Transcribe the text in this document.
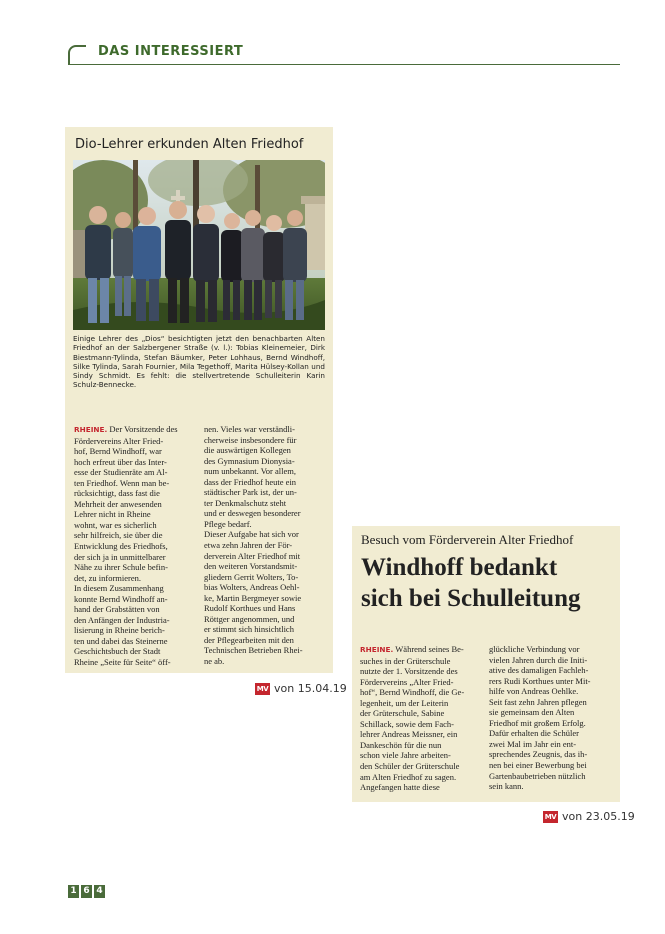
DAS INTERESSIERT
Dio-Lehrer erkunden Alten Friedhof
Einige Lehrer des „Dios“ besichtigten jetzt den benachbarten Alten Friedhof an der Salzbergener Straße (v. l.): Tobias Kleinemeier, Dirk Biestmann-Tylinda, Stefan Bäumker, Peter Lohhaus, Bernd Windhoff, Silke Tylinda, Sarah Fournier, Mila Tegethoff, Marita Hülsey-Kollan und Sindy Schmidt. Es fehlt: die stellvertretende Schulleiterin Karin Schulz-Bennecke.
RHEINE. Der Vorsitzende des
Fördervereins Alter Fried-
hof, Bernd Windhoff, war
hoch erfreut über das Inter-
esse der Studienräte am Al-
ten Friedhof. Wenn man be-
rücksichtigt, dass fast die
Mehrheit der anwesenden
Lehrer nicht in Rheine
wohnt, war es sicherlich
sehr hilfreich, sie über die
Entwicklung des Friedhofs,
der sich ja in unmittelbarer
Nähe zu ihrer Schule befin-
det, zu informieren.
In diesem Zusammenhang
konnte Bernd Windhoff an-
hand der Grabstätten von
den Anfängen der Industria-
lisierung in Rheine berich-
ten und dabei das Steinerne
Geschichtsbuch der Stadt
Rheine „Seite für Seite“ öff-
nen. Vieles war verständli-
cherweise insbesondere für
die auswärtigen Kollegen
des Gymnasium Dionysia-
num unbekannt. Vor allem,
dass der Friedhof heute ein
städtischer Park ist, der un-
ter Denkmalschutz steht
und er deswegen besonderer
Pflege bedarf.
Dieser Aufgabe hat sich vor
etwa zehn Jahren der För-
derverein Alter Friedhof mit
den weiteren Vorstandsmit-
gliedern Gerrit Wolters, To-
bias Wolters, Andreas Oehl-
ke, Martin Bergmeyer sowie
Rudolf Korthues und Hans
Röttger angenommen, und
er stimmt sich hinsichtlich
der Pflegearbeiten mit den
Technischen Betrieben Rhei-
ne ab.
MV von 15.04.19
Besuch vom Förderverein Alter Friedhof
Windhoff bedankt
sich bei Schulleitung
RHEINE. Während seines Be-
suches in der Grüterschule
nutzte der 1. Vorsitzende des
Fördervereins „Alter Fried-
hof“, Bernd Windhoff, die Ge-
legenheit, um der Leiterin
der Grüterschule, Sabine
Schillack, sowie dem Fach-
lehrer Andreas Meissner, ein
Dankeschön für die nun
schon viele Jahre arbeiten-
den Schüler der Grüterschule
am Alten Friedhof zu sagen.
Angefangen hatte diese
glückliche Verbindung vor
vielen Jahren durch die Initi-
ative des damaligen Fachleh-
rers Rudi Korthues unter Mit-
hilfe von Andreas Oehlke.
Seit fast zehn Jahren pflegen
sie gemeinsam den Alten
Friedhof mit großem Erfolg.
Dafür erhalten die Schüler
zwei Mal im Jahr ein ent-
sprechendes Zeugnis, das ih-
nen bei einer Bewerbung bei
Gartenbaubetrieben nützlich
sein kann.
MV von 23.05.19
1 6 4
